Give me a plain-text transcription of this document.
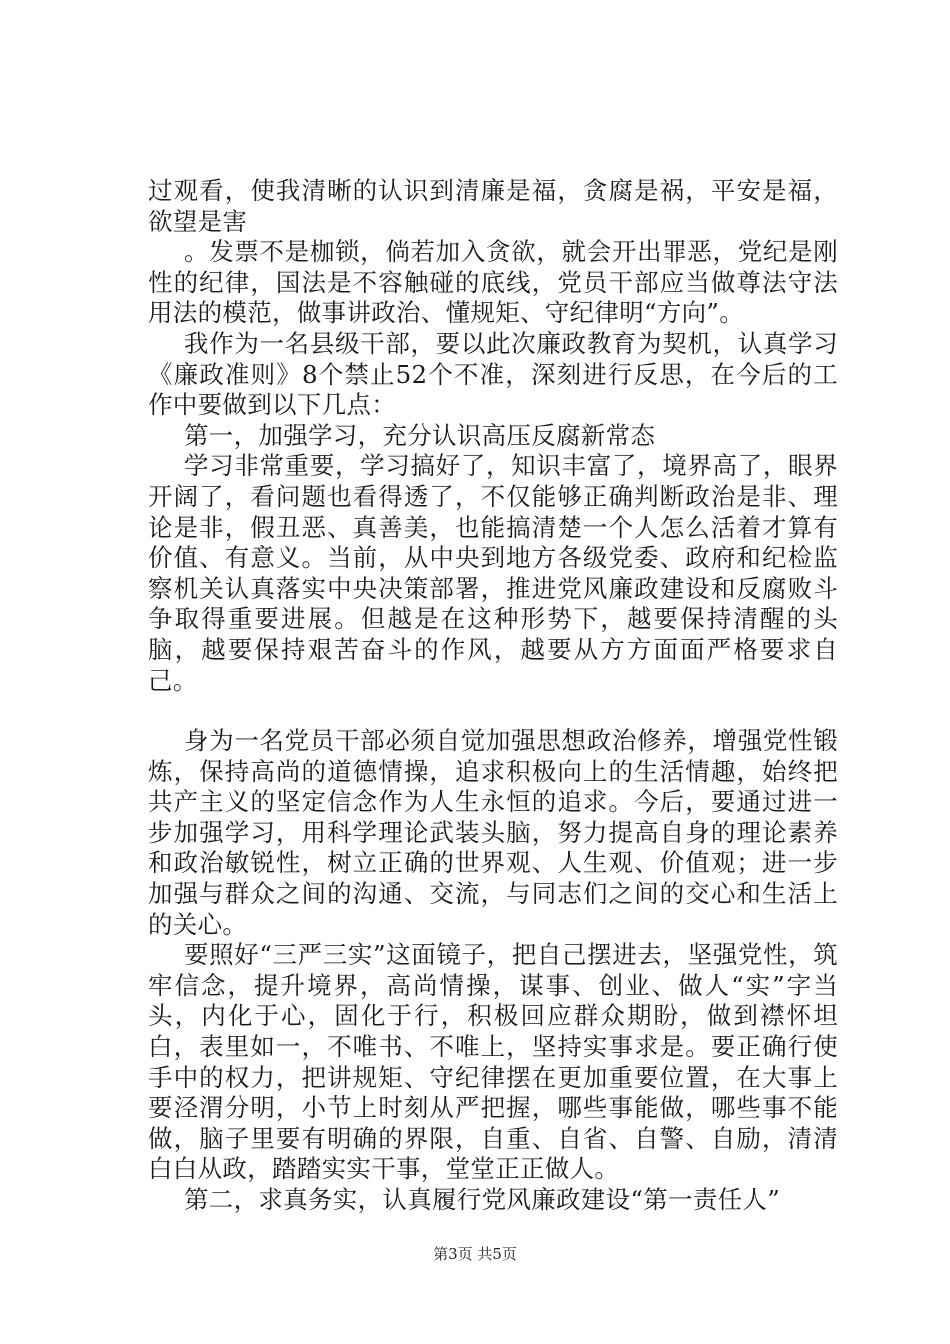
过观看，使我清晰的认识到清廉是福，贪腐是祸，平安是福，欲望是害

。发票不是枷锁，倘若加入贪欲，就会开出罪恶，党纪是刚性的纪律，国法是不容触碰的底线，党员干部应当做尊法守法用法的模范，做事讲政治、懂规矩、守纪律明“方向”。

我作为一名县级干部，要以此次廉政教育为契机，认真学习《廉政准则》8个禁止52个不准，深刻进行反思，在今后的工作中要做到以下几点：

第一，加强学习，充分认识高压反腐新常态

学习非常重要，学习搞好了，知识丰富了，境界高了，眼界开阔了，看问题也看得透了，不仅能够正确判断政治是非、理论是非，假丑恶、真善美，也能搞清楚一个人怎么活着才算有价值、有意义。当前，从中央到地方各级党委、政府和纪检监察机关认真落实中央决策部署，推进党风廉政建设和反腐败斗争取得重要进展。但越是在这种形势下，越要保持清醒的头脑，越要保持艰苦奋斗的作风，越要从方方面面严格要求自己。

身为一名党员干部必须自觉加强思想政治修养，增强党性锻炼，保持高尚的道德情操，追求积极向上的生活情趣，始终把共产主义的坚定信念作为人生永恒的追求。今后，要通过进一步加强学习，用科学理论武装头脑，努力提高自身的理论素养和政治敏锐性，树立正确的世界观、人生观、价值观；进一步加强与群众之间的沟通、交流，与同志们之间的交心和生活上的关心。

要照好“三严三实”这面镜子，把自己摆进去，坚强党性，筑牢信念，提升境界，高尚情操，谋事、创业、做人“实”字当头，内化于心，固化于行，积极回应群众期盼，做到襟怀坦白，表里如一，不唯书、不唯上，坚持实事求是。要正确行使手中的权力，把讲规矩、守纪律摆在更加重要位置，在大事上要泾渭分明，小节上时刻从严把握，哪些事能做，哪些事不能做，脑子里要有明确的界限，自重、自省、自警、自励，清清白白从政，踏踏实实干事，堂堂正正做人。

第二，求真务实，认真履行党风廉政建设“第一责任人”

第3页 共5页
